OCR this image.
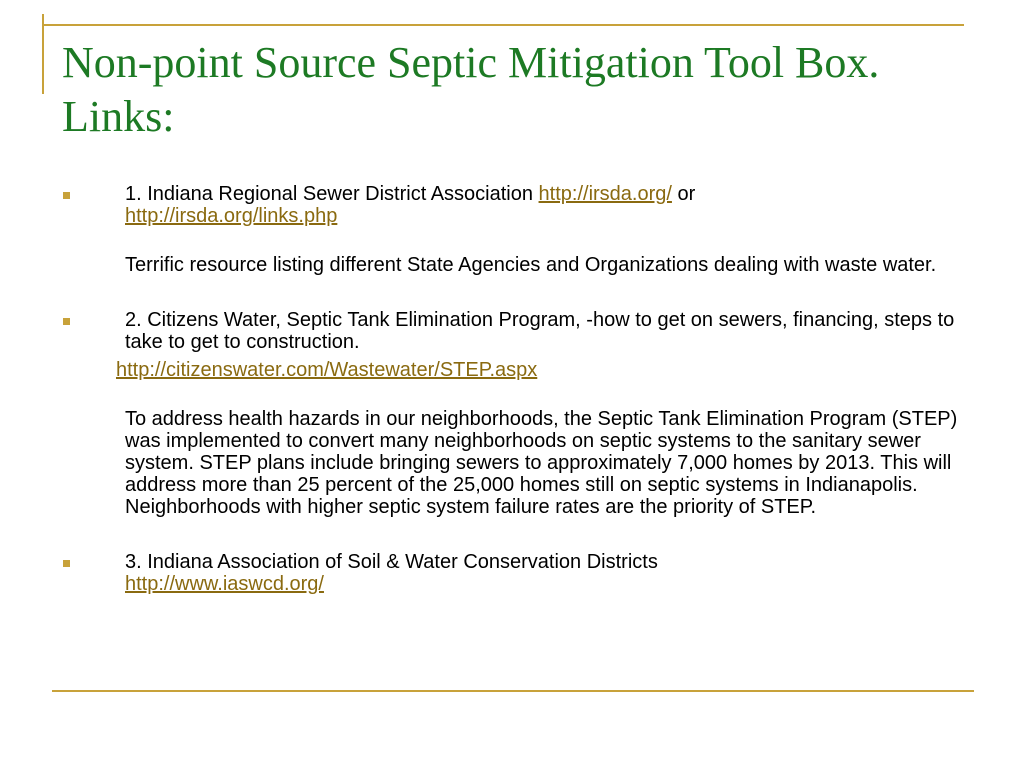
Non-point Source Septic Mitigation Tool Box. Links:
1. Indiana Regional Sewer District Association http://irsda.org/ or
http://irsda.org/links.php
Terrific resource listing different State Agencies and Organizations dealing with waste water.
2. Citizens Water, Septic Tank Elimination Program, -how to get on sewers, financing, steps to take to get to construction.
http://citizenswater.com/Wastewater/STEP.aspx
To address health hazards in our neighborhoods, the Septic Tank Elimination Program (STEP) was implemented to convert many neighborhoods on septic systems to the sanitary sewer system. STEP plans include bringing sewers to approximately 7,000 homes by 2013. This will address more than 25 percent of the 25,000 homes still on septic systems in Indianapolis. Neighborhoods with higher septic system failure rates are the priority of STEP.
3. Indiana Association of Soil & Water Conservation Districts
http://www.iaswcd.org/
